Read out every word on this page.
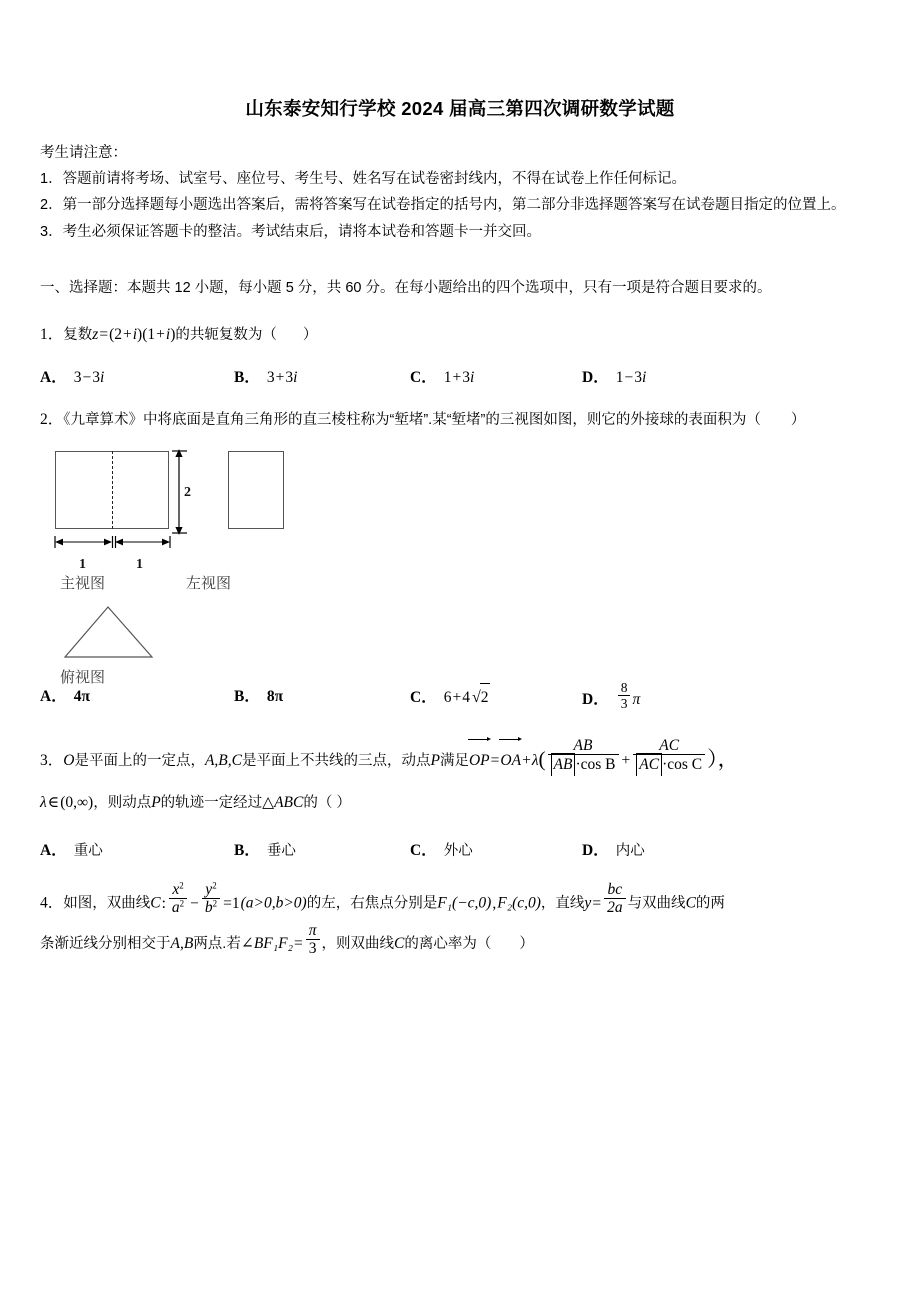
山东泰安知行学校 2024 届高三第四次调研数学试题
考生请注意：
1．答题前请将考场、试室号、座位号、考生号、姓名写在试卷密封线内，不得在试卷上作任何标记。
2．第一部分选择题每小题选出答案后，需将答案写在试卷指定的括号内，第二部分非选择题答案写在试卷题目指定的位置上。
3．考生必须保证答题卡的整洁。考试结束后，请将本试卷和答题卡一并交回。
一、选择题：本题共 12 小题，每小题 5 分，共 60 分。在每小题给出的四个选项中，只有一项是符合题目要求的。
1．复数z=(2+i)(1+i)的共轭复数为（ ）
A． 3−3i	B． 3+3i	C． 1+3i	D． 1−3i
2．《九章算术》中将底面是直角三角形的直三棱柱称为“堑堵”.某“堑堵”的三视图如图，则它的外接球的表面积为（ ）
2
1	1
主视图	左视图
俯视图
A． 4π	B． 8π	C． 6+4 √2	D． $\frac{8}{3}$ π
3．O是平面上的一定点，A,B,C是平面上不共线的三点，动点P满足$OP=OA+\lambda( \frac{AB}{\text{AB ·cos B}} + \frac{AC}{\text{AC ·cos C}}$ ），
λ∈(0,∞)，则动点P的轨迹一定经过△ABC的（ ）
A． 重心	B． 垂心	C． 外心	D． 内心
4．如图，双曲线C: $\frac{x^2}{a^2} - \frac{y^2}{b^2} =1(a>0,b>0)$的左，右焦点分别是F₁(−c,0),F₂(c,0)，直线$y= \frac{bc}{2a}$ 与双曲线C的两
条渐近线分别相交于A,B两点.若∠BF₁F₂= $\frac{\pi}{3}$ ，则双曲线C的离心率为（ ）
